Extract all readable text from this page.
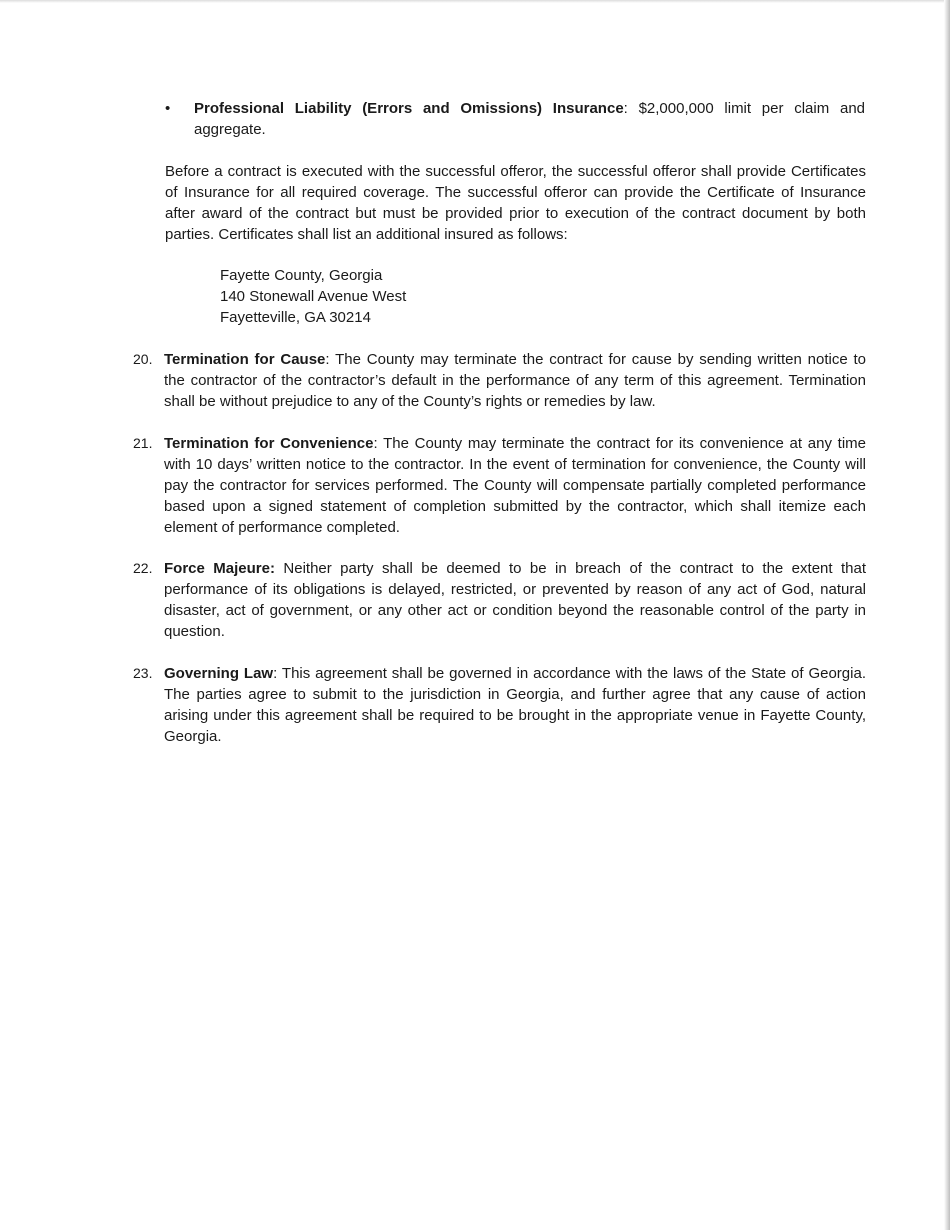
• Professional Liability (Errors and Omissions) Insurance: $2,000,000 limit per claim and aggregate.
Before a contract is executed with the successful offeror, the successful offeror shall provide Certificates of Insurance for all required coverage. The successful offeror can provide the Certificate of Insurance after award of the contract but must be provided prior to execution of the contract document by both parties. Certificates shall list an additional insured as follows:
Fayette County, Georgia
140 Stonewall Avenue West
Fayetteville, GA 30214
20. Termination for Cause: The County may terminate the contract for cause by sending written notice to the contractor of the contractor’s default in the performance of any term of this agreement. Termination shall be without prejudice to any of the County’s rights or remedies by law.
21. Termination for Convenience: The County may terminate the contract for its convenience at any time with 10 days’ written notice to the contractor. In the event of termination for convenience, the County will pay the contractor for services performed. The County will compensate partially completed performance based upon a signed statement of completion submitted by the contractor, which shall itemize each element of performance completed.
22. Force Majeure: Neither party shall be deemed to be in breach of the contract to the extent that performance of its obligations is delayed, restricted, or prevented by reason of any act of God, natural disaster, act of government, or any other act or condition beyond the reasonable control of the party in question.
23. Governing Law: This agreement shall be governed in accordance with the laws of the State of Georgia. The parties agree to submit to the jurisdiction in Georgia, and further agree that any cause of action arising under this agreement shall be required to be brought in the appropriate venue in Fayette County, Georgia.
